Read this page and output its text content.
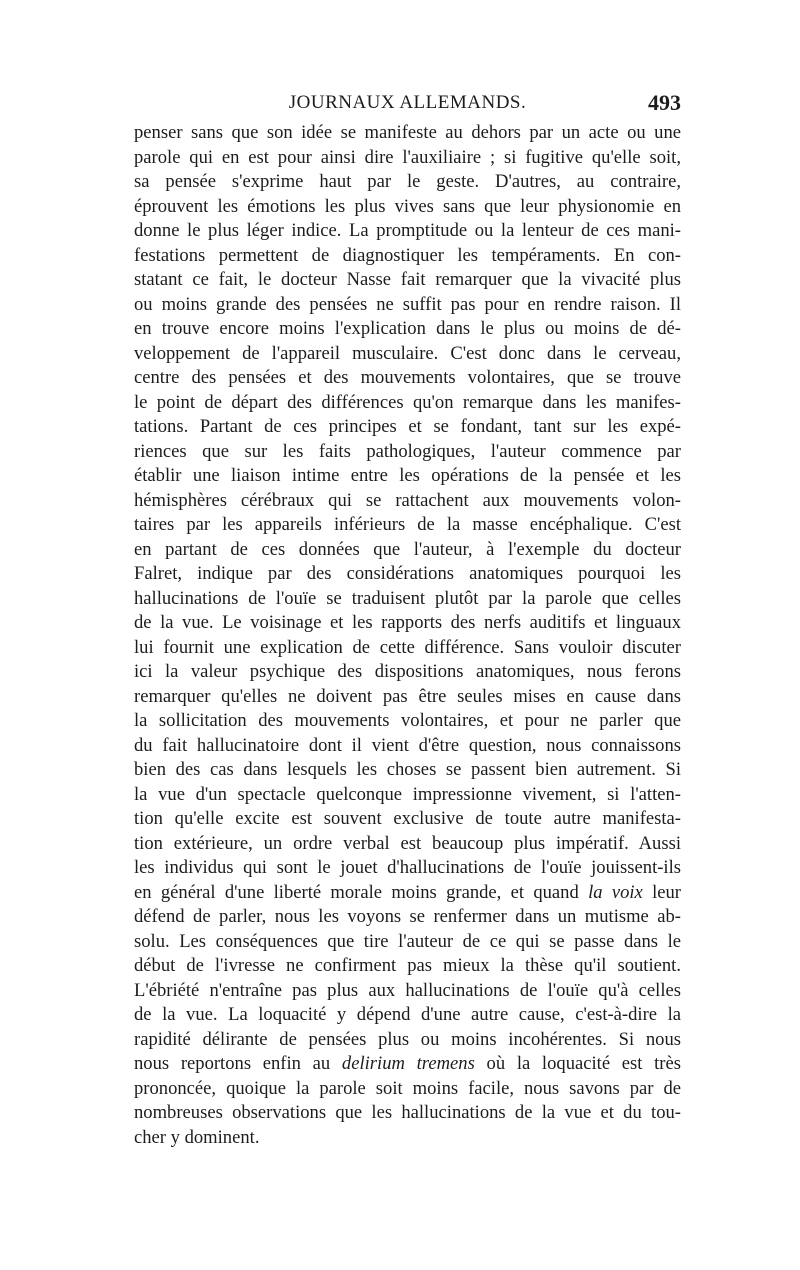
JOURNAUX ALLEMANDS.	493
penser sans que son idée se manifeste au dehors par un acte ou une
parole qui en est pour ainsi dire l'auxiliaire ; si fugitive qu'elle soit,
sa pensée s'exprime haut par le geste. D'autres, au contraire,
éprouvent les émotions les plus vives sans que leur physionomie en
donne le plus léger indice. La promptitude ou la lenteur de ces mani-
festations permettent de diagnostiquer les tempéraments. En con-
statant ce fait, le docteur Nasse fait remarquer que la vivacité plus
ou moins grande des pensées ne suffit pas pour en rendre raison. Il
en trouve encore moins l'explication dans le plus ou moins de dé-
veloppement de l'appareil musculaire. C'est donc dans le cerveau,
centre des pensées et des mouvements volontaires, que se trouve
le point de départ des différences qu'on remarque dans les manifes-
tations. Partant de ces principes et se fondant, tant sur les expé-
riences que sur les faits pathologiques, l'auteur commence par
établir une liaison intime entre les opérations de la pensée et les
hémisphères cérébraux qui se rattachent aux mouvements volon-
taires par les appareils inférieurs de la masse encéphalique. C'est
en partant de ces données que l'auteur, à l'exemple du docteur
Falret, indique par des considérations anatomiques pourquoi les
hallucinations de l'ouïe se traduisent plutôt par la parole que celles
de la vue. Le voisinage et les rapports des nerfs auditifs et linguaux
lui fournit une explication de cette différence. Sans vouloir discuter
ici la valeur psychique des dispositions anatomiques, nous ferons
remarquer qu'elles ne doivent pas être seules mises en cause dans
la sollicitation des mouvements volontaires, et pour ne parler que
du fait hallucinatoire dont il vient d'être question, nous connaissons
bien des cas dans lesquels les choses se passent bien autrement. Si
la vue d'un spectacle quelconque impressionne vivement, si l'atten-
tion qu'elle excite est souvent exclusive de toute autre manifesta-
tion extérieure, un ordre verbal est beaucoup plus impératif. Aussi
les individus qui sont le jouet d'hallucinations de l'ouïe jouissent-ils
en général d'une liberté morale moins grande, et quand la voix leur
défend de parler, nous les voyons se renfermer dans un mutisme ab-
solu. Les conséquences que tire l'auteur de ce qui se passe dans le
début de l'ivresse ne confirment pas mieux la thèse qu'il soutient.
L'ébriété n'entraîne pas plus aux hallucinations de l'ouïe qu'à celles
de la vue. La loquacité y dépend d'une autre cause, c'est-à-dire la
rapidité délirante de pensées plus ou moins incohérentes. Si nous
nous reportons enfin au delirium tremens où la loquacité est très
prononcée, quoique la parole soit moins facile, nous savons par de
nombreuses observations que les hallucinations de la vue et du tou-
cher y dominent.
